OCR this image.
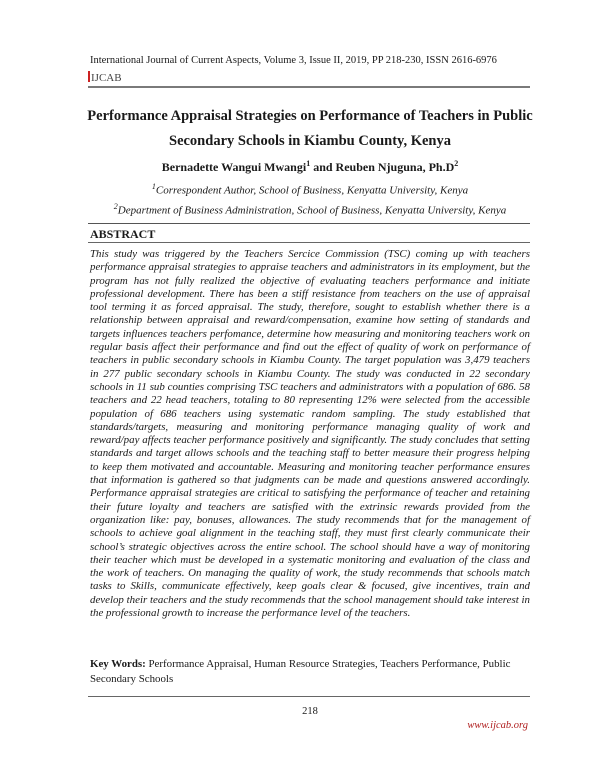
International Journal of Current Aspects, Volume 3, Issue II, 2019, PP 218-230, ISSN 2616-6976
IJCAB
Performance Appraisal Strategies on Performance of Teachers in Public
Secondary Schools in Kiambu County, Kenya
Bernadette Wangui Mwangi$^1$ and Reuben Njuguna, $Ph.D^2$
$^1$Correspondent Author, School of Business, Kenyatta University, Kenya
$^2$Department of Business Administration, School of Business, Kenyatta University, Kenya
ABSTRACT
This study was triggered by the Teachers Sercice Commission (TSC) coming up with teachers performance appraisal strategies to appraise teachers and administrators in its employment, but the program has not fully realized the objective of evaluating teachers performance and initiate professional development. There has been a stiff resistance from teachers on the use of appraisal tool terming it as forced appraisal. The study, therefore, sought to establish whether there is a relationship between appraisal and reward/compensation, examine how setting of standards and targets influences teachers perfomance, determine how measuring and monitoring teachers work on regular basis affect their performance and find out the effect of quality of work on performance of teachers in public secondary schools in Kiambu County. The target population was 3,479 teachers in 277 public secondary schools in Kiambu County. The study was conducted in 22 secondary schools in 11 sub counties comprising TSC teachers and administrators with a population of 686. 58 teachers and 22 head teachers, totaling to 80 representing 12% were selected from the accessible population of 686 teachers using systematic random sampling. The study established that standards/targets, measuring and monitoring performance managing quality of work and reward/pay affects teacher performance positively and significantly. The study concludes that setting standards and target allows schools and the teaching staff to better measure their progress helping to keep them motivated and accountable. Measuring and monitoring teacher performance ensures that information is gathered so that judgments can be made and questions answered accordingly. Performance appraisal strategies are critical to satisfying the performance of teacher and retaining their future loyalty and teachers are satisfied with the extrinsic rewards provided from the organization like: pay, bonuses, allowances. The study recommends that for the management of schools to achieve goal alignment in the teaching staff, they must first clearly communicate their school’s strategic objectives across the entire school. The school should have a way of monitoring their teacher which must be developed in a systematic monitoring and evaluation of the class and the work of teachers. On managing the quality of work, the study recommends that schools match tasks to Skills, communicate effectively, keep goals clear & focused, give incentives, train and develop their teachers and the study recommends that the school management should take interest in the professional growth to increase the performance level of the teachers.
Key Words: Performance Appraisal, Human Resource Strategies, Teachers Performance, Public Secondary Schools
218
www.ijcab.org
